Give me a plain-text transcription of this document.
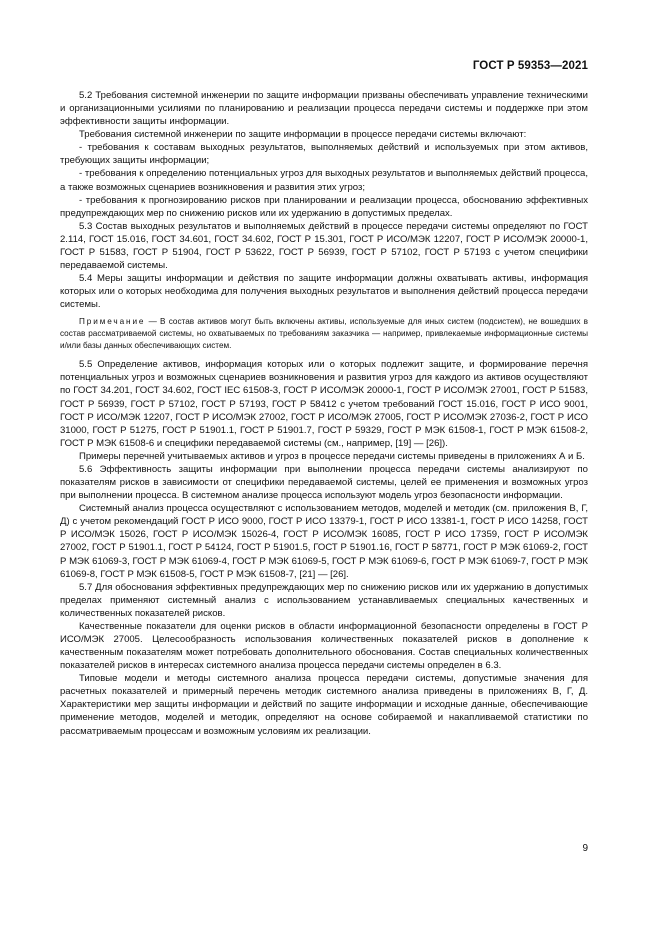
ГОСТ Р 59353—2021

5.2 Требования системной инженерии по защите информации призваны обеспечивать управление техническими и организационными усилиями по планированию и реализации процесса передачи системы и поддержке при этом эффективности защиты информации.

Требования системной инженерии по защите информации в процессе передачи системы включают:

- требования к составам выходных результатов, выполняемых действий и используемых при этом активов, требующих защиты информации;

- требования к определению потенциальных угроз для выходных результатов и выполняемых действий процесса, а также возможных сценариев возникновения и развития этих угроз;

- требования к прогнозированию рисков при планировании и реализации процесса, обоснованию эффективных предупреждающих мер по снижению рисков или их удержанию в допустимых пределах.

5.3 Состав выходных результатов и выполняемых действий в процессе передачи системы определяют по ГОСТ 2.114, ГОСТ 15.016, ГОСТ 34.601, ГОСТ 34.602, ГОСТ Р 15.301, ГОСТ Р ИСО/МЭК 12207, ГОСТ Р ИСО/МЭК 20000-1, ГОСТ Р 51583, ГОСТ Р 51904, ГОСТ Р 53622, ГОСТ Р 56939, ГОСТ Р 57102, ГОСТ Р 57193 с учетом специфики передаваемой системы.

5.4 Меры защиты информации и действия по защите информации должны охватывать активы, информация которых или о которых необходима для получения выходных результатов и выполнения действий процесса передачи системы.

Примечание — В состав активов могут быть включены активы, используемые для иных систем (подсистем), не вошедших в состав рассматриваемой системы, но охватываемых по требованиям заказчика — например, привлекаемые информационные системы и/или базы данных обеспечивающих систем.

5.5 Определение активов, информация которых или о которых подлежит защите, и формирование перечня потенциальных угроз и возможных сценариев возникновения и развития угроз для каждого из активов осуществляют по ГОСТ 34.201, ГОСТ 34.602, ГОСТ IEC 61508-3, ГОСТ Р ИСО/МЭК 20000-1, ГОСТ Р ИСО/МЭК 27001, ГОСТ Р 51583, ГОСТ Р 56939, ГОСТ Р 57102, ГОСТ Р 57193, ГОСТ Р 58412 с учетом требований ГОСТ 15.016, ГОСТ Р ИСО 9001, ГОСТ Р ИСО/МЭК 12207, ГОСТ Р ИСО/МЭК 27002, ГОСТ Р ИСО/МЭК 27005, ГОСТ Р ИСО/МЭК 27036-2, ГОСТ Р ИСО 31000, ГОСТ Р 51275, ГОСТ Р 51901.1, ГОСТ Р 51901.7, ГОСТ Р 59329, ГОСТ Р МЭК 61508-1, ГОСТ Р МЭК 61508-2, ГОСТ Р МЭК 61508-6 и специфики передаваемой системы (см., например, [19] — [26]).

Примеры перечней учитываемых активов и угроз в процессе передачи системы приведены в приложениях А и Б.

5.6 Эффективность защиты информации при выполнении процесса передачи системы анализируют по показателям рисков в зависимости от специфики передаваемой системы, целей ее применения и возможных угроз при выполнении процесса. В системном анализе процесса используют модель угроз безопасности информации.

Системный анализ процесса осуществляют с использованием методов, моделей и методик (см. приложения В, Г, Д) с учетом рекомендаций ГОСТ Р ИСО 9000, ГОСТ Р ИСО 13379-1, ГОСТ Р ИСО 13381-1, ГОСТ Р ИСО 14258, ГОСТ Р ИСО/МЭК 15026, ГОСТ Р ИСО/МЭК 15026-4, ГОСТ Р ИСО/МЭК 16085, ГОСТ Р ИСО 17359, ГОСТ Р ИСО/МЭК 27002, ГОСТ Р 51901.1, ГОСТ Р 54124, ГОСТ Р 51901.5, ГОСТ Р 51901.16, ГОСТ Р 58771, ГОСТ Р МЭК 61069-2, ГОСТ Р МЭК 61069-3, ГОСТ Р МЭК 61069-4, ГОСТ Р МЭК 61069-5, ГОСТ Р МЭК 61069-6, ГОСТ Р МЭК 61069-7, ГОСТ Р МЭК 61069-8, ГОСТ Р МЭК 61508-5, ГОСТ Р МЭК 61508-7, [21] — [26].

5.7 Для обоснования эффективных предупреждающих мер по снижению рисков или их удержанию в допустимых пределах применяют системный анализ с использованием устанавливаемых специальных качественных и количественных показателей рисков.

Качественные показатели для оценки рисков в области информационной безопасности определены в ГОСТ Р ИСО/МЭК 27005. Целесообразность использования количественных показателей рисков в дополнение к качественным показателям может потребовать дополнительного обоснования. Состав специальных количественных показателей рисков в интересах системного анализа процесса передачи системы определен в 6.3.

Типовые модели и методы системного анализа процесса передачи системы, допустимые значения для расчетных показателей и примерный перечень методик системного анализа приведены в приложениях В, Г, Д. Характеристики мер защиты информации и действий по защите информации и исходные данные, обеспечивающие применение методов, моделей и методик, определяют на основе собираемой и накапливаемой статистики по рассматриваемым процессам и возможным условиям их реализации.

9
